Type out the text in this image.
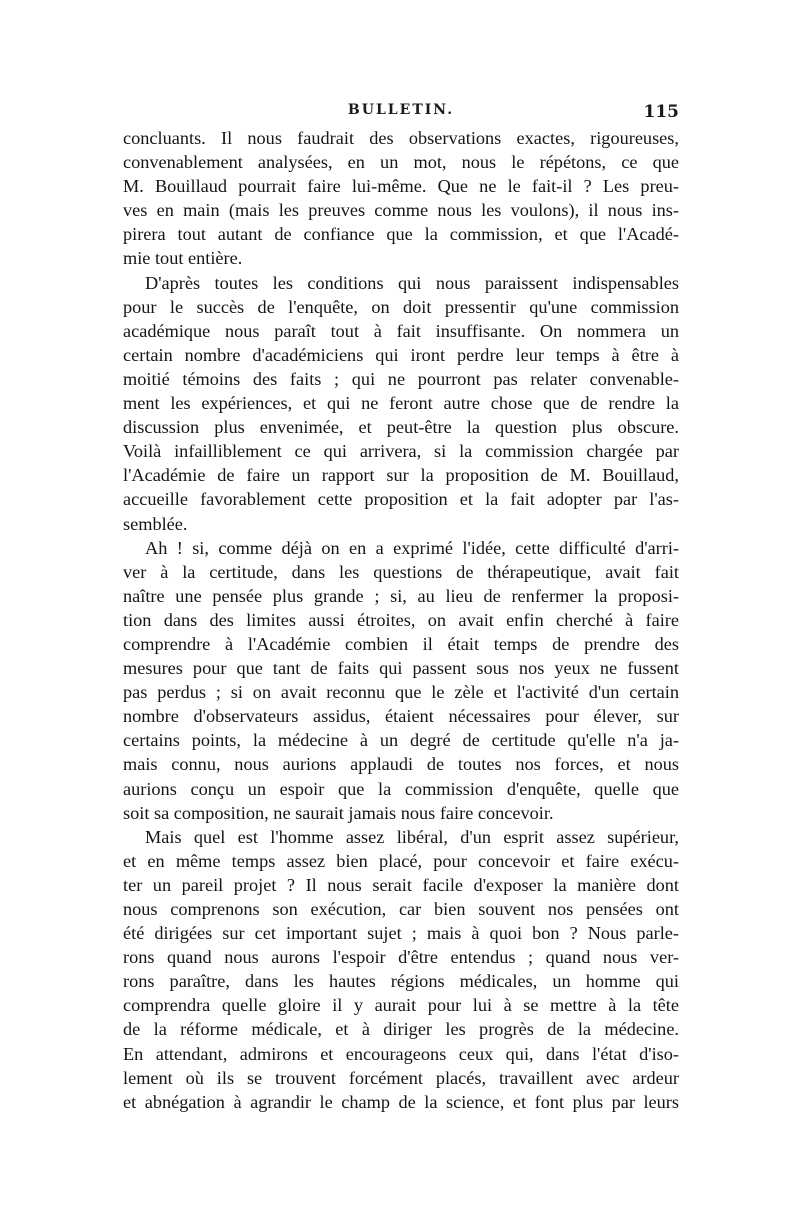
BULLETIN.	115
concluants. Il nous faudrait des observations exactes, rigoureuses,
convenablement analysées, en un mot, nous le répétons, ce que
M. Bouillaud pourrait faire lui-même. Que ne le fait-il ? Les preu-
ves en main (mais les preuves comme nous les voulons), il nous ins-
pirera tout autant de confiance que la commission, et que l'Acadé-
mie tout entière.
D'après toutes les conditions qui nous paraissent indispensables
pour le succès de l'enquête, on doit pressentir qu'une commission
académique nous paraît tout à fait insuffisante. On nommera un
certain nombre d'académiciens qui iront perdre leur temps à être à
moitié témoins des faits ; qui ne pourront pas relater convenable-
ment les expériences, et qui ne feront autre chose que de rendre la
discussion plus envenimée, et peut-être la question plus obscure.
Voilà infailliblement ce qui arrivera, si la commission chargée par
l'Académie de faire un rapport sur la proposition de M. Bouillaud,
accueille favorablement cette proposition et la fait adopter par l'as-
semblée.
Ah ! si, comme déjà on en a exprimé l'idée, cette difficulté d'arri-
ver à la certitude, dans les questions de thérapeutique, avait fait
naître une pensée plus grande ; si, au lieu de renfermer la proposi-
tion dans des limites aussi étroites, on avait enfin cherché à faire
comprendre à l'Académie combien il était temps de prendre des
mesures pour que tant de faits qui passent sous nos yeux ne fussent
pas perdus ; si on avait reconnu que le zèle et l'activité d'un certain
nombre d'observateurs assidus, étaient nécessaires pour élever, sur
certains points, la médecine à un degré de certitude qu'elle n'a ja-
mais connu, nous aurions applaudi de toutes nos forces, et nous
aurions conçu un espoir que la commission d'enquête, quelle que
soit sa composition, ne saurait jamais nous faire concevoir.
Mais quel est l'homme assez libéral, d'un esprit assez supérieur,
et en même temps assez bien placé, pour concevoir et faire exécu-
ter un pareil projet ? Il nous serait facile d'exposer la manière dont
nous comprenons son exécution, car bien souvent nos pensées ont
été dirigées sur cet important sujet ; mais à quoi bon ? Nous parle-
rons quand nous aurons l'espoir d'être entendus ; quand nous ver-
rons paraître, dans les hautes régions médicales, un homme qui
comprendra quelle gloire il y aurait pour lui à se mettre à la tête
de la réforme médicale, et à diriger les progrès de la médecine.
En attendant, admirons et encourageons ceux qui, dans l'état d'iso-
lement où ils se trouvent forcément placés, travaillent avec ardeur
et abnégation à agrandir le champ de la science, et font plus par leurs
